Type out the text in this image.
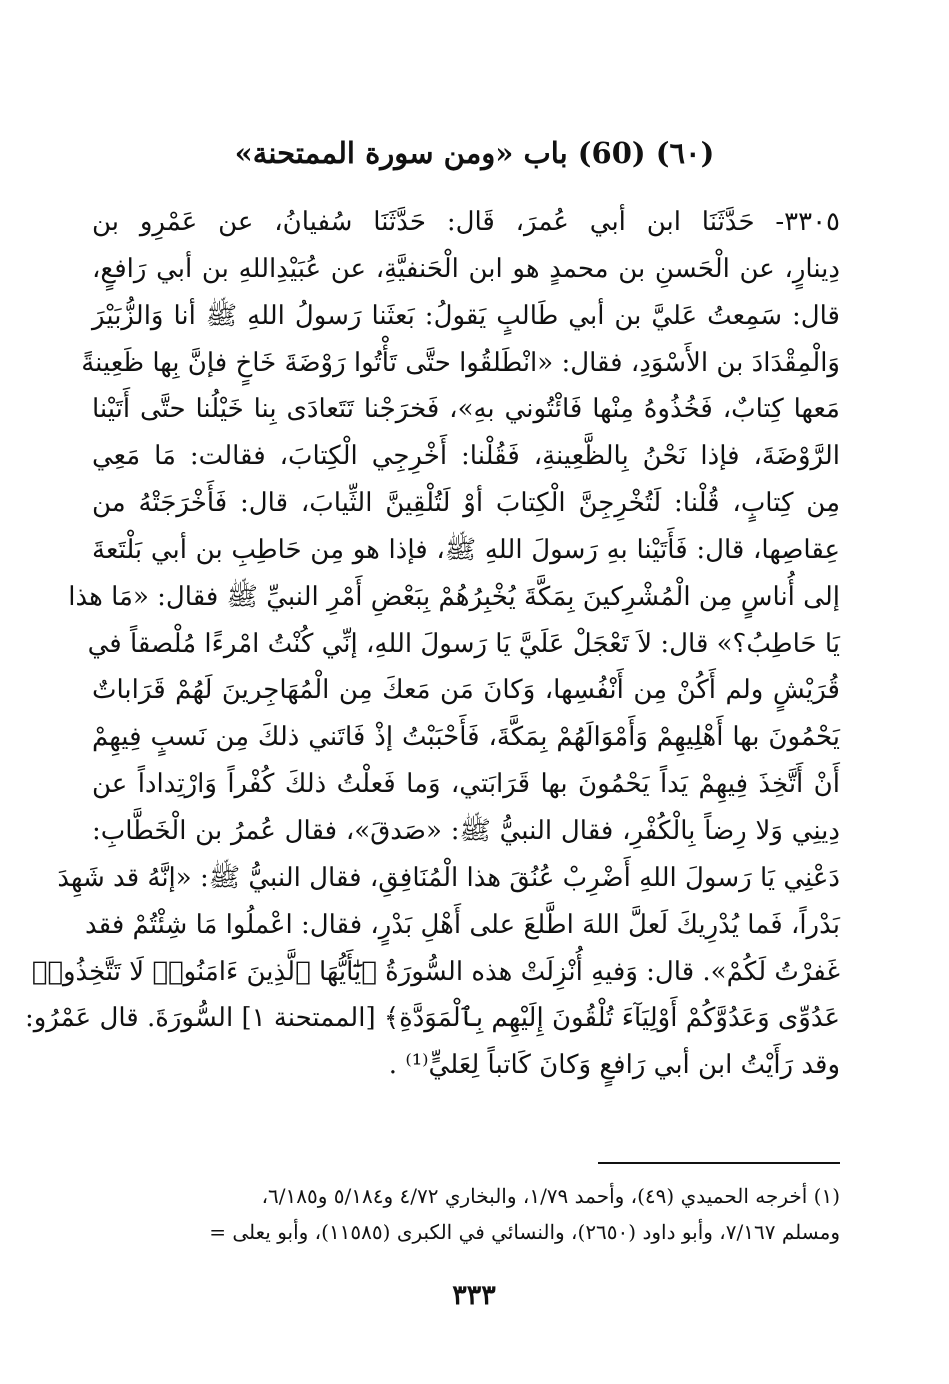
(٦٠) (60) باب «ومن سورة الممتحنة»
٣٣٠٥- حَدَّثَنَا ابن أبي عُمرَ، قَال: حَدَّثَنَا سُفيانُ، عن عَمْرِو بن
دِينارٍ، عن الْحَسنِ بن محمدٍ هو ابن الْحَنفيَّةِ، عن عُبَيْدِاللهِ بن أبي رَافعٍ،
قال: سَمِعتُ عَليَّ بن أبي طَالبٍ يَقولُ: بَعثَنا رَسولُ اللهِ ﷺ أنا وَالزُّبَيْرَ
وَالْمِقْدَادَ بن الأَسْوَدِ، فقال: «انْطَلقُوا حتَّى تَأْتُوا رَوْضَةَ خَاخٍ فإنَّ بِها ظَعِينةً
مَعها كِتابٌ، فَخُذُوهُ مِنْها فَائْتُوني بهِ»، فَخرَجْنا تَتَعادَى بِنا خَيْلُنا حتَّى أَتَيْنا
الرَّوْضَةَ، فإذا نَحْنُ بِالظَّعِينةِ، فَقُلْنا: أَخْرِجِي الْكِتابَ، فقالت: مَا مَعِي
مِن كِتابٍ، قُلْنا: لَتُخْرِجِنَّ الْكِتابَ أوْ لَتُلْقِينَّ الثِّيابَ، قال: فَأَخْرَجَتْهُ من
عِقاصِها، قال: فَأَتَيْنا بهِ رَسولَ اللهِ ﷺ، فإذا هو مِن حَاطِبِ بن أبي بَلْتَعةَ
إلى أُناسٍ مِن الْمُشْرِكينَ بِمَكَّةَ يُخْبِرُهُمْ بِبَعْضِ أَمْرِ النبيِّ ﷺ فقال: «مَا هذا
يَا حَاطِبُ؟» قال: لاَ تَعْجَلْ عَلَيَّ يَا رَسولَ اللهِ، إنِّي كُنْتُ امْرءًا مُلْصقاً في
قُرَيْشٍ ولم أَكُنْ مِن أَنْفُسِها، وَكانَ مَن مَعكَ مِن الْمُهَاجِرينَ لَهُمْ قَرَاباتٌ
يَحْمُونَ بها أَهْلِيهِمْ وَأَمْوَالَهُمْ بِمَكَّةَ، فَأَحْبَبْتُ إذْ فَاتَني ذلكَ مِن نَسبٍ فِيهِمْ
أَنْ أَتَّخِذَ فِيهِمْ يَداً يَحْمُونَ بها قَرَابَتي، وَما فَعلْتُ ذلكَ كُفْراً وَارْتِداداً عن
دِينِي وَلا رِضاً بِالْكُفْرِ، فقال النبيُّ ﷺ: «صَدقَ»، فقال عُمرُ بن الْخَطَّابِ:
دَعْنِي يَا رَسولَ اللهِ أَضْرِبْ عُنُقَ هذا الْمُنَافِقِ، فقال النبيُّ ﷺ: «إنَّهُ قد شَهِدَ
بَدْراً، فَما يُدْرِيكَ لَعلَّ اللهَ اطَّلعَ على أَهْلِ بَدْرٍ، فقال: اعْملُوا مَا شِئْتُمْ فقد
غَفرْتُ لَكُمْ». قال: وَفيهِ أُنْزِلَتْ هذه السُّورَةُ ﴿يَٰٓأَيُّهَا ٱلَّذِينَ ءَامَنُوا۟ لَا تَتَّخِذُوا۟
عَدُوِّى وَعَدُوَّكُمْ أَوْلِيَآءَ تُلْقُونَ إِلَيْهِم بِٱلْمَوَدَّةِ﴾ [الممتحنة ١] السُّورَةَ. قال عَمْرُو:
وقد رَأَيْتُ ابن أبي رَافعٍ وَكانَ كَاتباً لِعَليٍّ⁽¹⁾ .
(١) أخرجه الحميدي (٤٩)، وأحمد ١/٧٩، والبخاري ٤/٧٢ و٥/١٨٤ و٦/١٨٥،
ومسلم ٧/١٦٧، وأبو داود (٢٦٥٠)، والنسائي في الكبرى (١١٥٨٥)، وأبو يعلى =
٣٣٣
